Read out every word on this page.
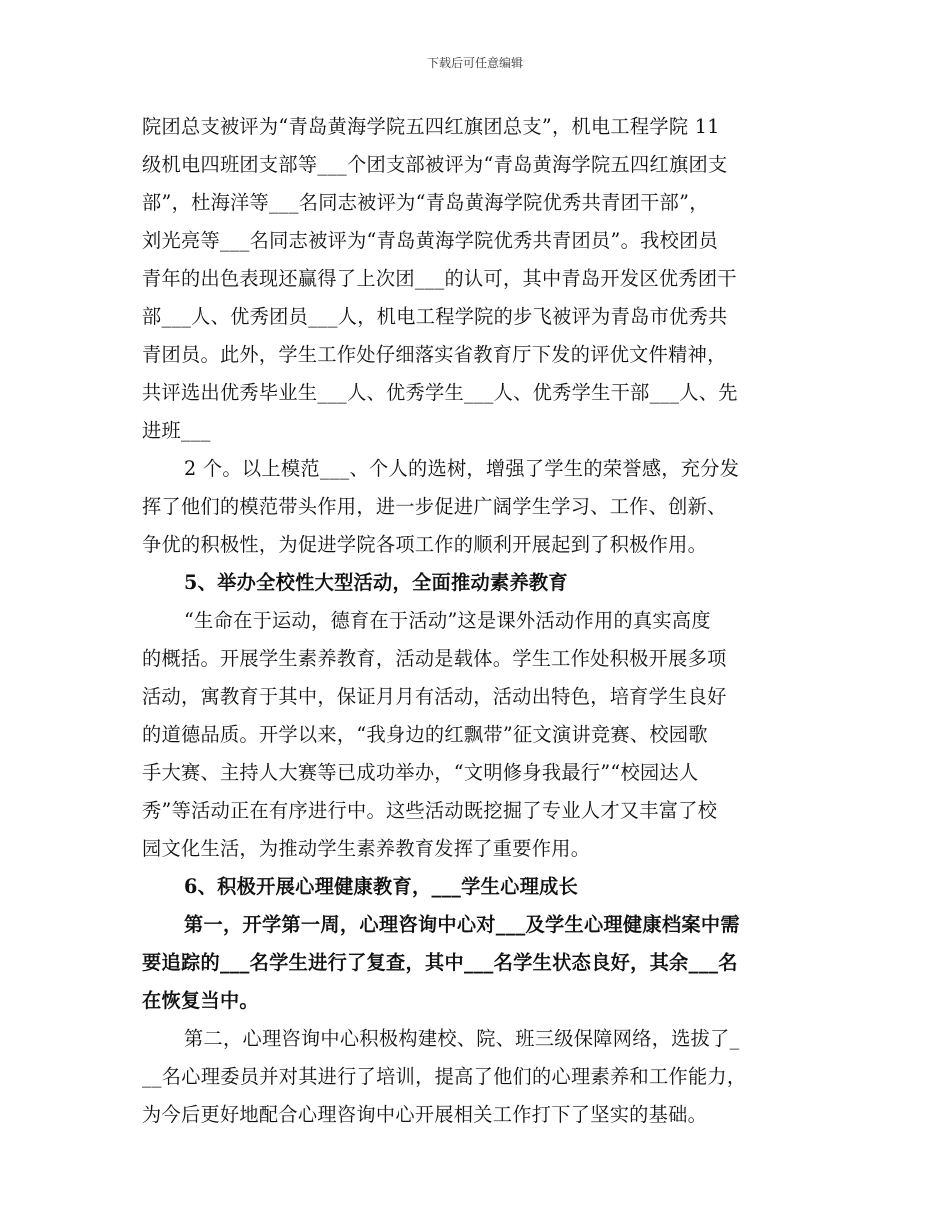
下载后可任意编辑

院团总支被评为“青岛黄海学院五四红旗团总支”，机电工程学院 11
级机电四班团支部等___个团支部被评为“青岛黄海学院五四红旗团支
部”，杜海洋等___名同志被评为“青岛黄海学院优秀共青团干部”，
刘光亮等___名同志被评为“青岛黄海学院优秀共青团员”。我校团员
青年的出色表现还赢得了上次团___的认可，其中青岛开发区优秀团干
部___人、优秀团员___人，机电工程学院的步飞被评为青岛市优秀共
青团员。此外，学生工作处仔细落实省教育厅下发的评优文件精神，
共评选出优秀毕业生___人、优秀学生___人、优秀学生干部___人、先
进班___

2 个。以上模范___、个人的选树，增强了学生的荣誉感，充分发
挥了他们的模范带头作用，进一步促进广阔学生学习、工作、创新、
争优的积极性，为促进学院各项工作的顺利开展起到了积极作用。

5、举办全校性大型活动，全面推动素养教育

“生命在于运动，德育在于活动”这是课外活动作用的真实高度
的概括。开展学生素养教育，活动是载体。学生工作处积极开展多项
活动，寓教育于其中，保证月月有活动，活动出特色，培育学生良好
的道德品质。开学以来，“我身边的红飘带”征文演讲竞赛、校园歌
手大赛、主持人大赛等已成功举办，“文明修身我最行”“校园达人
秀”等活动正在有序进行中。这些活动既挖掘了专业人才又丰富了校
园文化生活，为推动学生素养教育发挥了重要作用。

6、积极开展心理健康教育，___学生心理成长

第一，开学第一周，心理咨询中心对___及学生心理健康档案中需
要追踪的___名学生进行了复查，其中___名学生状态良好，其余___名
在恢复当中。

第二，心理咨询中心积极构建校、院、班三级保障网络，选拔了_
__名心理委员并对其进行了培训，提高了他们的心理素养和工作能力，
为今后更好地配合心理咨询中心开展相关工作打下了坚实的基础。
